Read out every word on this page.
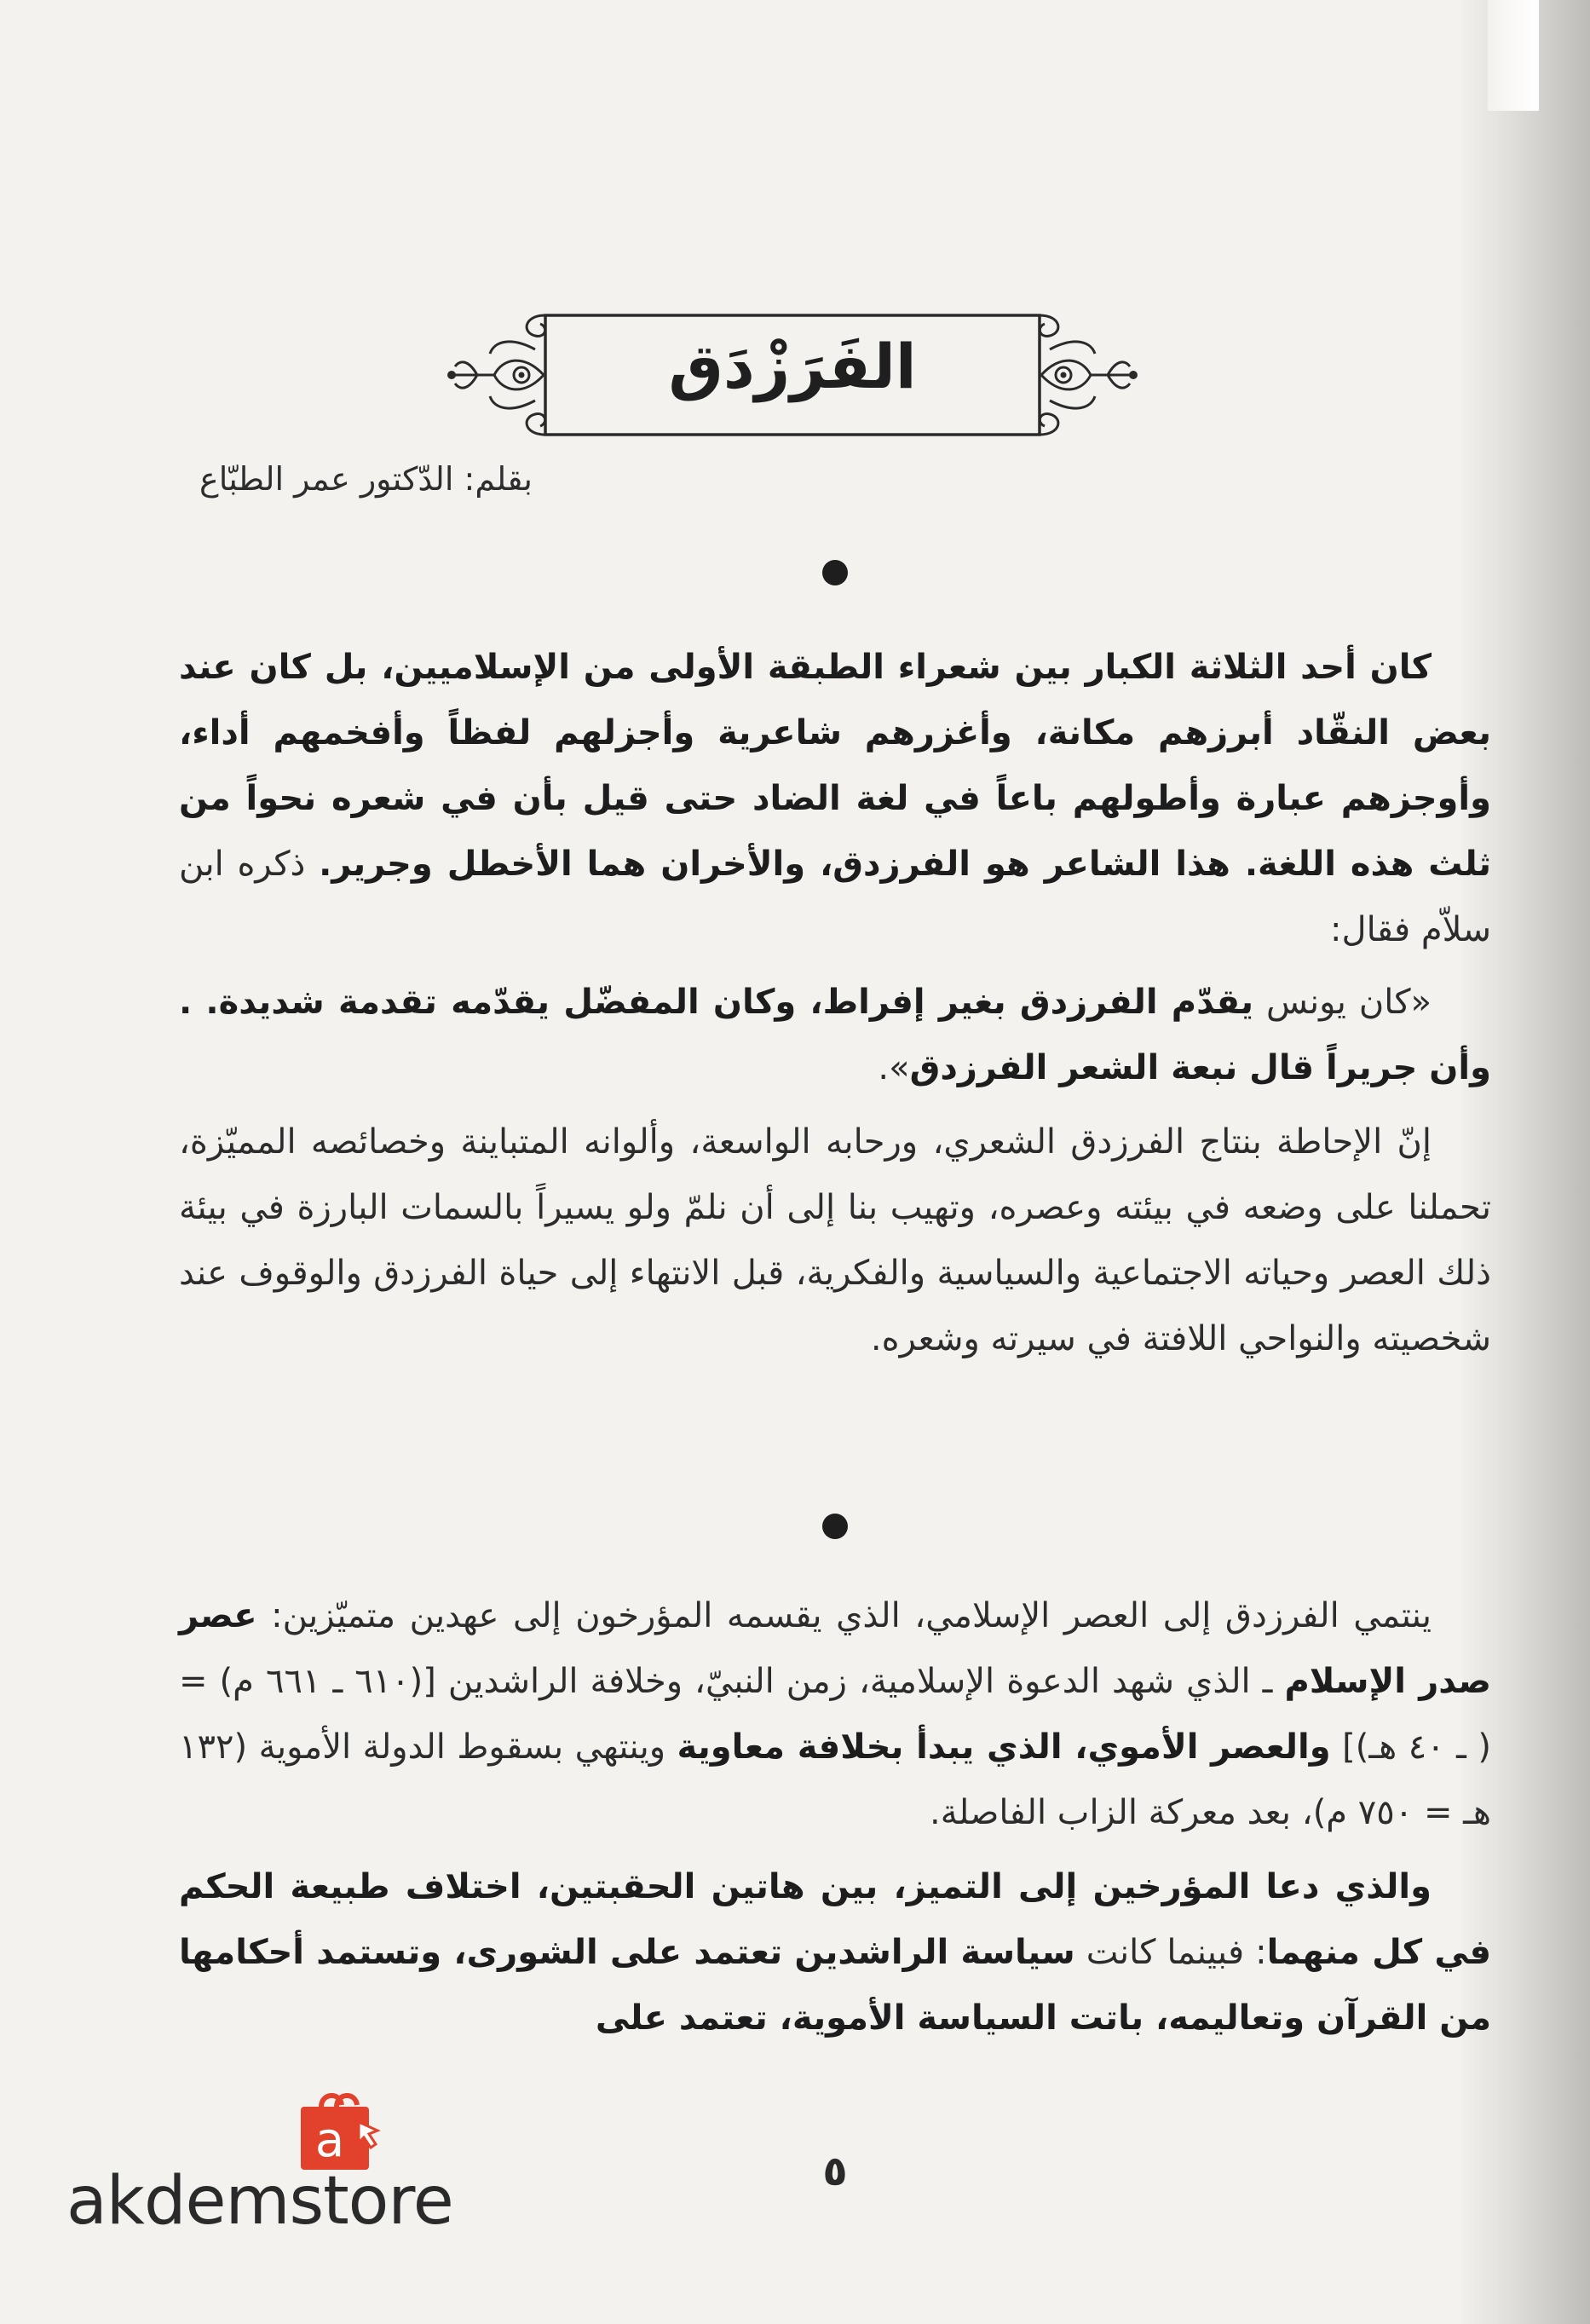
الفَرَزْدَق
بقلم: الدّكتور عمر الطبّاع

كان أحد الثلاثة الكبار بين شعراء الطبقة الأولى من الإسلاميين، بل كان عند بعض النقّاد أبرزهم مكانة، وأغزرهم شاعرية وأجزلهم لفظاً وأفخمهم أداء، وأوجزهم عبارة وأطولهم باعاً في لغة الضاد حتى قيل بأن في شعره نحواً من ثلث هذه اللغة. هذا الشاعر هو الفرزدق، والأخران هما الأخطل وجرير. ذكره ابن سلاّم فقال:

«كان يونس يقدّم الفرزدق بغير إفراط، وكان المفضّل يقدّمه تقدمة شديدة. . وأن جريراً قال نبعة الشعر الفرزدق».

إنّ الإحاطة بنتاج الفرزدق الشعري، ورحابه الواسعة، وألوانه المتباينة وخصائصه المميّزة، تحملنا على وضعه في بيئته وعصره، وتهيب بنا إلى أن نلمّ ولو يسيراً بالسمات البارزة في بيئة ذلك العصر وحياته الاجتماعية والسياسية والفكرية، قبل الانتهاء إلى حياة الفرزدق والوقوف عند شخصيته والنواحي اللافتة في سيرته وشعره.

ينتمي الفرزدق إلى العصر الإسلامي، الذي يقسمه المؤرخون إلى عهدين متميّزين: عصر صدر الإسلام ـ الذي شهد الدعوة الإسلامية، زمن النبيّ، وخلافة الراشدين [(٦١٠ ـ ٦٦١ م) = ( ـ ٤٠ هـ)] والعصر الأموي، الذي يبدأ بخلافة معاوية وينتهي بسقوط الدولة الأموية (١٣٢ هـ = ٧٥٠ م)، بعد معركة الزاب الفاصلة.

والذي دعا المؤرخين إلى التميز، بين هاتين الحقبتين، اختلاف طبيعة الحكم في كل منهما: فبينما كانت سياسة الراشدين تعتمد على الشورى، وتستمد أحكامها من القرآن وتعاليمه، باتت السياسة الأموية، تعتمد على

٥
a
akdemstore
